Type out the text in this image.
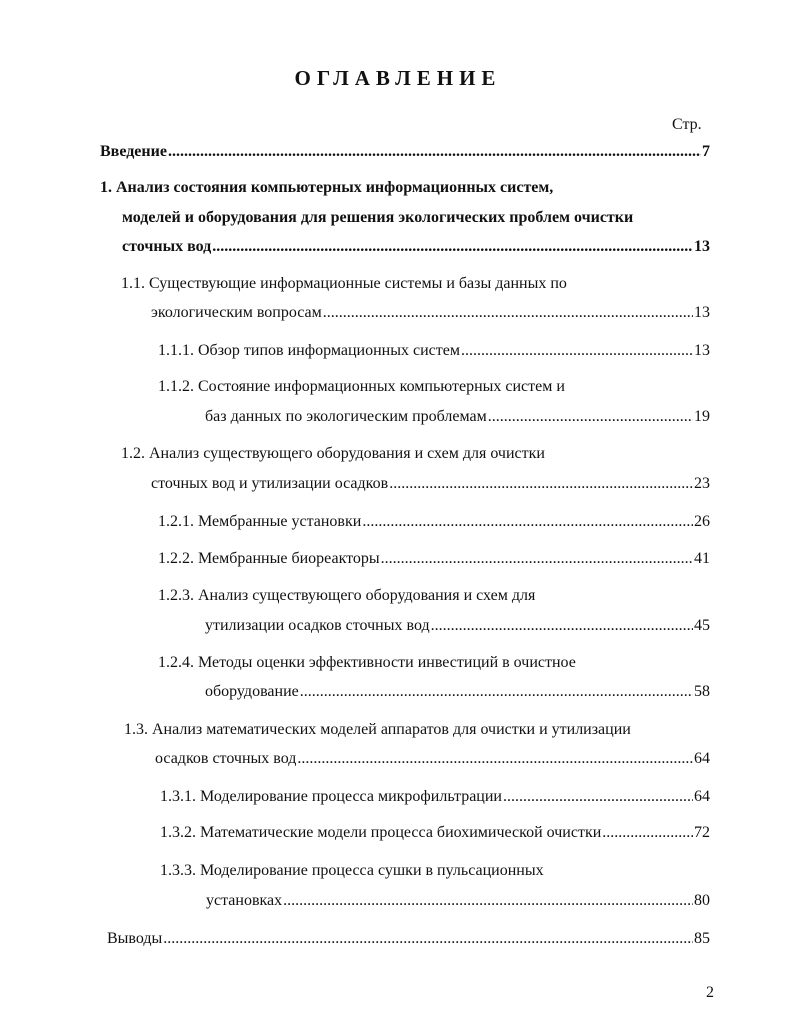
ОГЛАВЛЕНИЕ
Стр.
Введение .....	7
1. Анализ состояния компьютерных информационных систем,
моделей и оборудования для решения экологических проблем очистки
сточных вод .....	13
1.1. Существующие информационные системы и базы данных по
экологическим вопросам .....	13
1.1.1. Обзор типов информационных систем .....	13
1.1.2. Состояние информационных компьютерных систем и
баз данных по экологическим проблемам .....	19
1.2. Анализ существующего оборудования и схем для очистки
сточных вод и утилизации осадков .....	23
1.2.1. Мембранные установки .....	26
1.2.2. Мембранные биореакторы .....	41
1.2.3. Анализ существующего оборудования и схем для
утилизации осадков сточных вод .....	45
1.2.4. Методы оценки эффективности инвестиций в очистное
оборудование .....	58
1.3. Анализ математических моделей аппаратов для очистки и утилизации
осадков сточных вод .....	64
1.3.1. Моделирование процесса микрофильтрации .....	64
1.3.2. Математические модели процесса биохимической очистки .....	72
1.3.3. Моделирование процесса сушки в пульсационных
установках .....	80
Выводы .....	85
2
